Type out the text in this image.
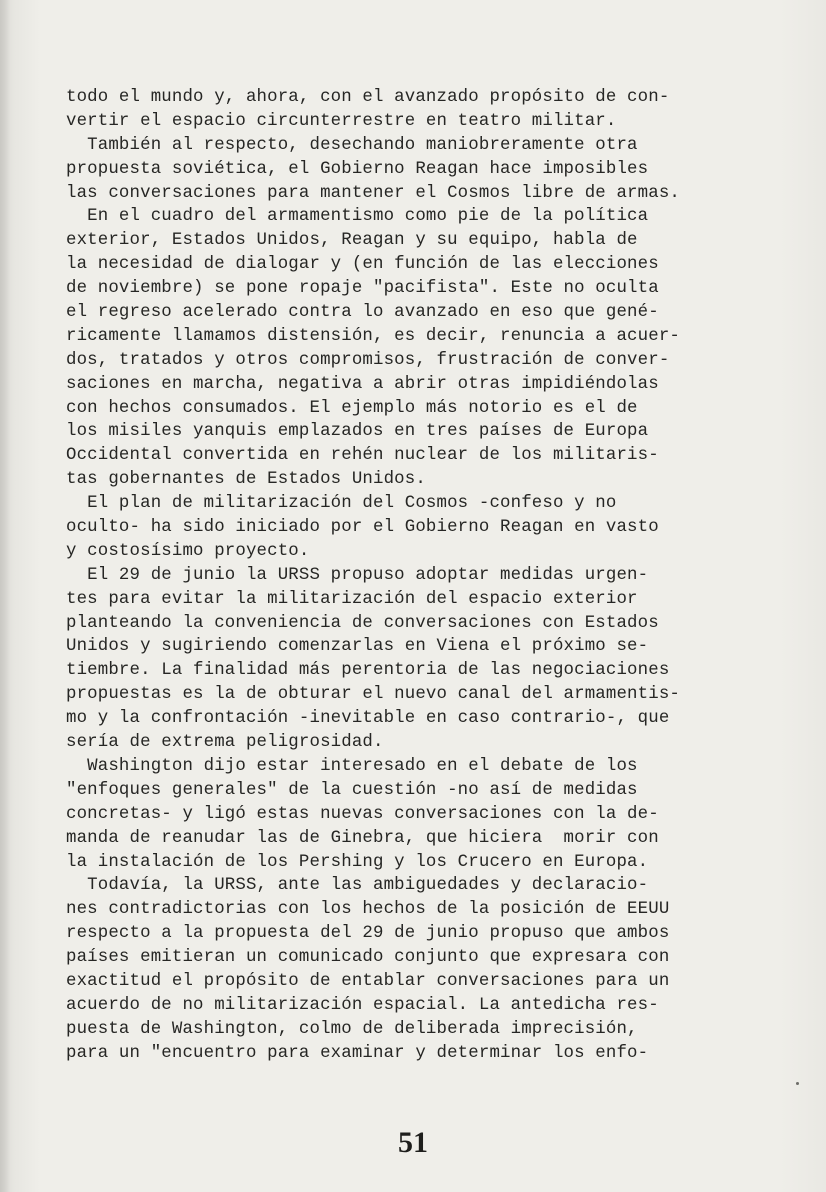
todo el mundo y, ahora, con el avanzado propósito de con-
vertir el espacio circunterrestre en teatro militar.
También al respecto, desechando maniobreramente otra
propuesta soviética, el Gobierno Reagan hace imposibles
las conversaciones para mantener el Cosmos libre de armas.
En el cuadro del armamentismo como pie de la política
exterior, Estados Unidos, Reagan y su equipo, habla de
la necesidad de dialogar y (en función de las elecciones
de noviembre) se pone ropaje "pacifista". Este no oculta
el regreso acelerado contra lo avanzado en eso que gené-
ricamente llamamos distensión, es decir, renuncia a acuer-
dos, tratados y otros compromisos, frustración de conver-
saciones en marcha, negativa a abrir otras impidiéndolas
con hechos consumados. El ejemplo más notorio es el de
los misiles yanquis emplazados en tres países de Europa
Occidental convertida en rehén nuclear de los militaris-
tas gobernantes de Estados Unidos.
El plan de militarización del Cosmos -confeso y no
oculto- ha sido iniciado por el Gobierno Reagan en vasto
y costosísimo proyecto.
El 29 de junio la URSS propuso adoptar medidas urgen-
tes para evitar la militarización del espacio exterior
planteando la conveniencia de conversaciones con Estados
Unidos y sugiriendo comenzarlas en Viena el próximo se-
tiembre. La finalidad más perentoria de las negociaciones
propuestas es la de obturar el nuevo canal del armamentis-
mo y la confrontación -inevitable en caso contrario-, que
sería de extrema peligrosidad.
Washington dijo estar interesado en el debate de los
"enfoques generales" de la cuestión -no así de medidas
concretas- y ligó estas nuevas conversaciones con la de-
manda de reanudar las de Ginebra, que hiciera  morir con
la instalación de los Pershing y los Crucero en Europa.
Todavía, la URSS, ante las ambiguedades y declaracio-
nes contradictorias con los hechos de la posición de EEUU
respecto a la propuesta del 29 de junio propuso que ambos
países emitieran un comunicado conjunto que expresara con
exactitud el propósito de entablar conversaciones para un
acuerdo de no militarización espacial. La antedicha res-
puesta de Washington, colmo de deliberada imprecisión,
para un "encuentro para examinar y determinar los enfo-
51
